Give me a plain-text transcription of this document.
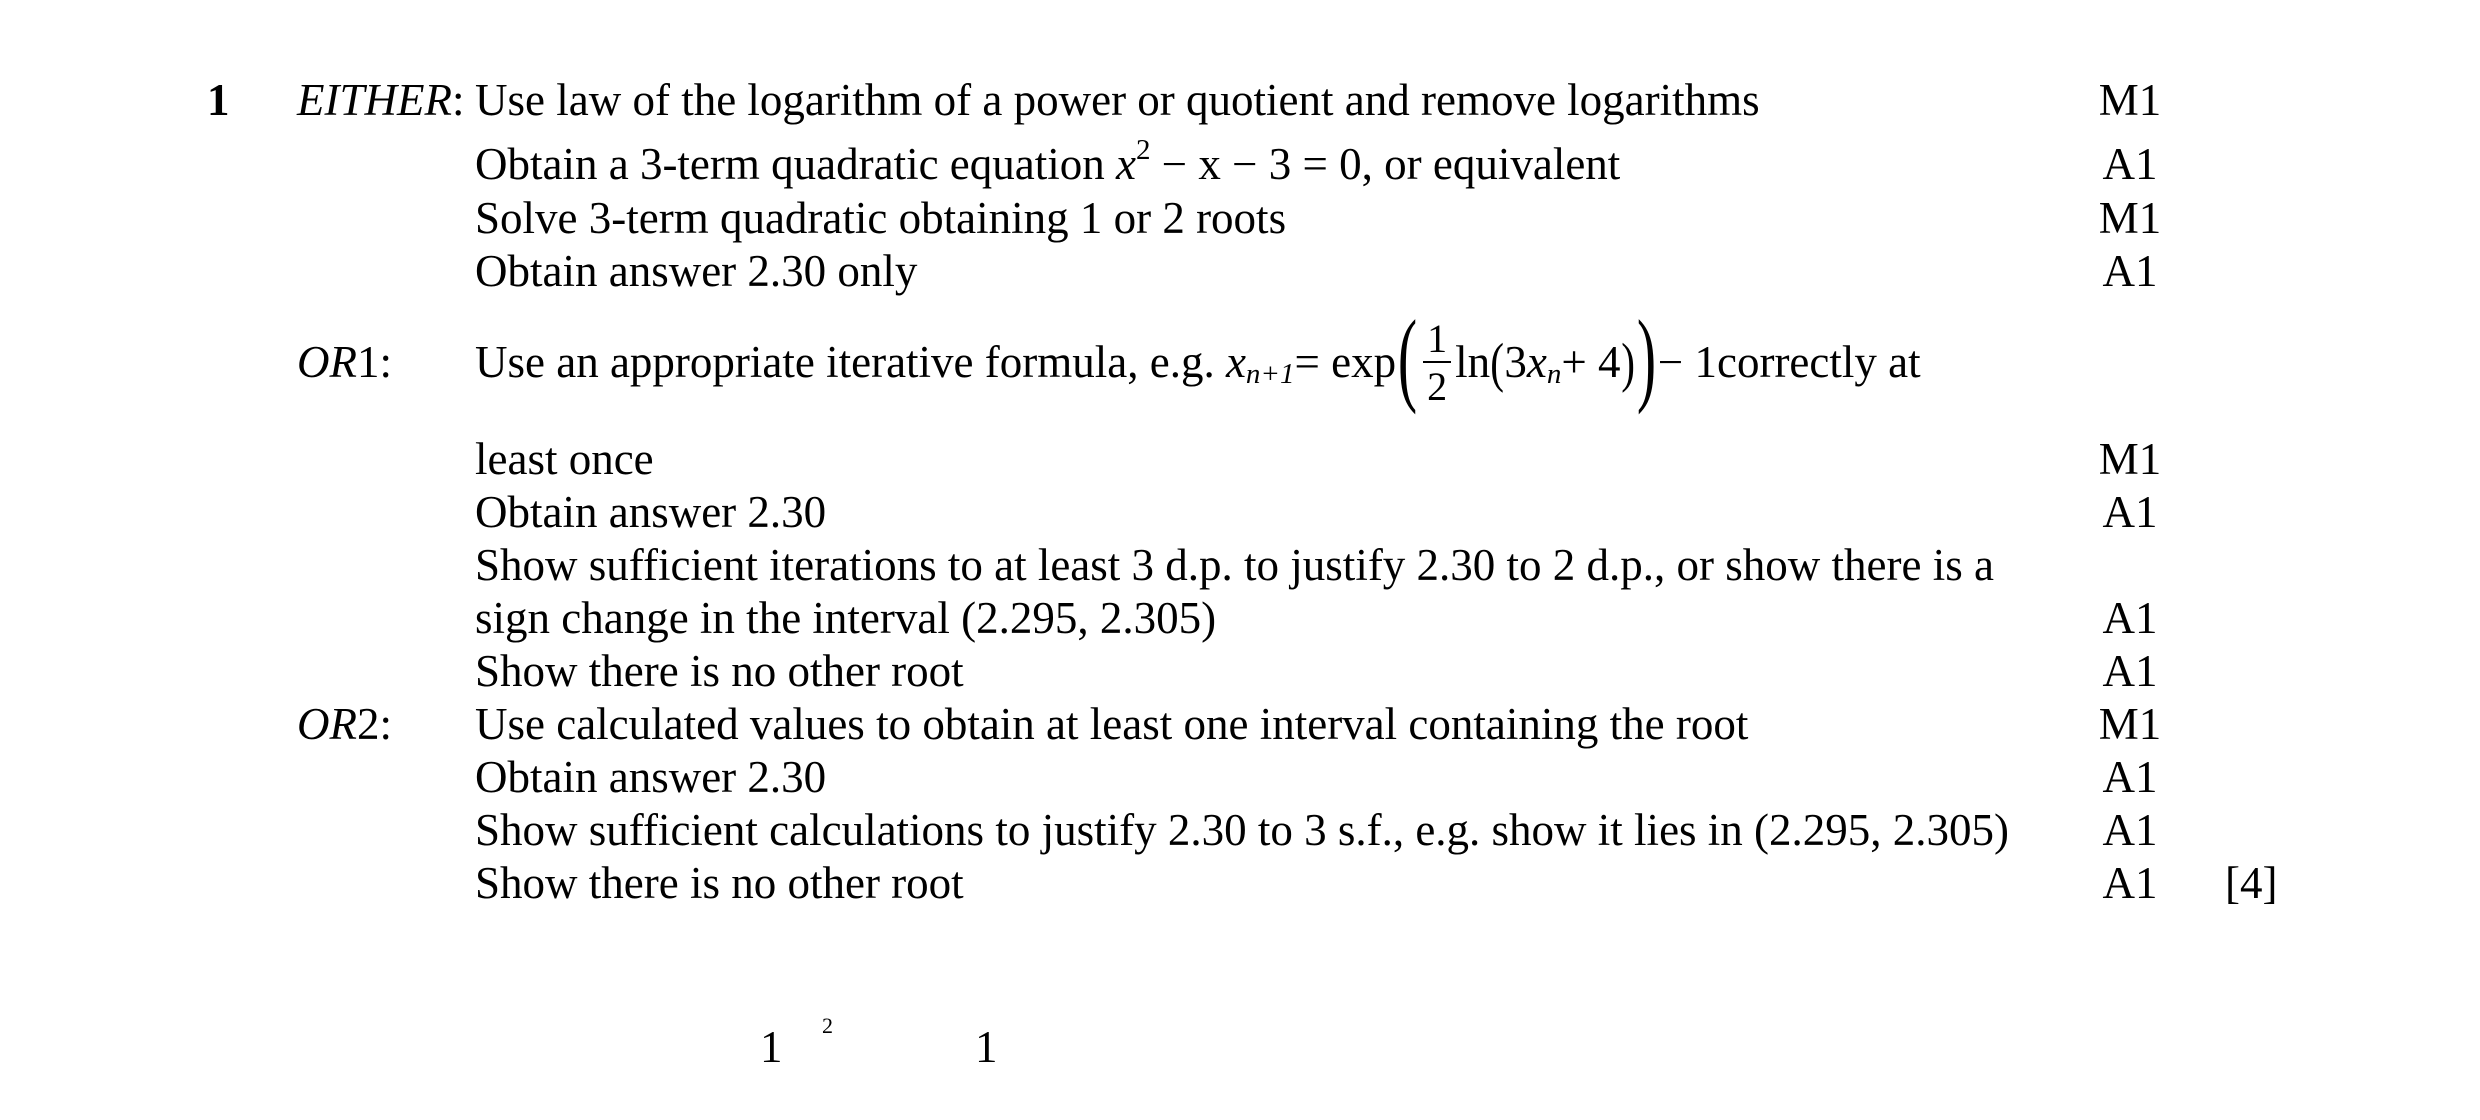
1 EITHER: Use law of the logarithm of a power or quotient and remove logarithms	M1
Obtain a 3-term quadratic equation $x^2 - x - 3 = 0$, or equivalent	A1
Solve 3-term quadratic obtaining 1 or 2 roots	M1
Obtain answer 2.30 only	A1
OR1: Use an appropriate iterative formula, e.g.
x n+1 = exp ( $\frac{1}{2}$ ln ( 3 x n + 4 ) ) − 1 correctly at
least once	M1
Obtain answer 2.30	A1
Show sufficient iterations to at least 3 d.p. to justify 2.30 to 2 d.p., or show there is a
sign change in the interval (2.295, 2.305)	A1
Show there is no other root	A1
OR2: Use calculated values to obtain at least one interval containing the root	M1
Obtain answer 2.30	A1
Show sufficient calculations to justify 2.30 to 3 s.f., e.g. show it lies in (2.295, 2.305) A1
Show there is no other root	A1 [4]
1 2	1
